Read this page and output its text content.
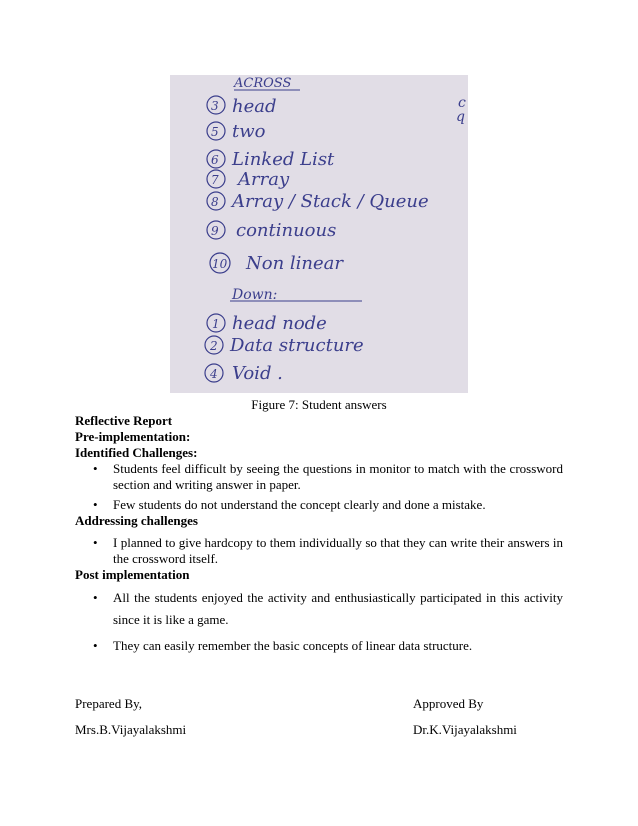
ACROSS
c
q
3 head
5 two
6 Linked List
7 Array
8 Array / Stack / Queue
9 continuous
10 Non linear
Down:
1 head node
2 Data structure
4 Void .
Figure 7: Student answers
Reflective Report
Pre-implementation:
Identified Challenges:
• Students feel difficult by seeing the questions in monitor to match with the crossword section and writing answer in paper.
• Few students do not understand the concept clearly and done a mistake.
Addressing challenges
• I planned to give hardcopy to them individually so that they can write their answers in the crossword itself.
Post implementation
• All the students enjoyed the activity and enthusiastically participated in this activity since it is like a game.
• They can easily remember the basic concepts of linear data structure.
Prepared By,
Mrs.B.Vijayalakshmi
Approved By
Dr.K.Vijayalakshmi
